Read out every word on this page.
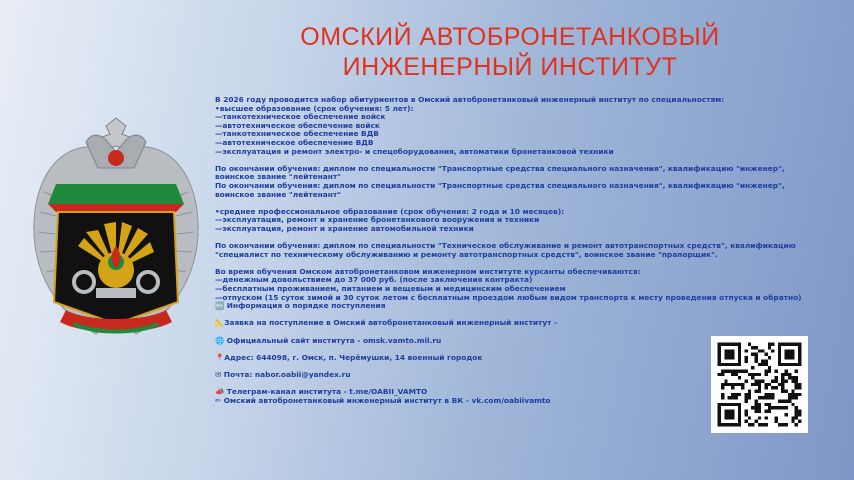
ОМСКИЙ АВТОБРОНЕТАНКОВЫЙ
ИНЖЕНЕРНЫЙ ИНСТИТУТ

В 2026 году проводится набор абитуриентов в Омский автобронетанковый инженерный институт по специальностям:
•высшее образование (срок обучения: 5 лет):
—танкотехническое обеспечение войск
—автотехническое обеспечение войск
—танкотехническое обеспечение ВДВ
—автотехническое обеспечение ВДВ
—эксплуатация и ремонт электро- и спецоборудования, автоматики бронетанковой техники

По окончании обучения: диплом по специальности "Транспортные средства специального назначения", квалификацию "инженер", воинское звание "лейтенант"
По окончании обучения: диплом по специальности "Транспортные средства специального назначения", квалификацию "инженер", воинское звание "лейтенант"

•среднее профессиональное образование (срок обучения: 2 года и 10 месяцев):
—эксплуатация, ремонт и хранение бронетанкового вооружения и техники
—эксплуатация, ремонт и хранение автомобильной техники

По окончании обучения: диплом по специальности "Техническое обслуживание и ремонт автотранспортных средств", квалификацию "специалист по техническому обслуживанию и ремонту автотранспортных средств", воинское звание "прапорщик".

Во время обучения Омском автобронетанковом инженерном институте курсанты обеспечиваются:
—денежным довольствием до 37 000 руб. (после заключения контракта)
—бесплатным проживанием, питанием и вещевым и медицинским обеспечением
—отпуском (15 суток зимой и 30 суток летом с бесплатным проездом любым видом транспорта к месту проведения отпуска и обратно)
🔤 Информация о порядке поступления

📐Заявка на поступление в Омский автобронетанковый инженерный институт -

🌐 Официальный сайт института - omsk.vamto.mil.ru

📍Адрес: 644098, г. Омск, п. Черёмушки, 14 военный городок

✉ Почта: nabor.oabii@yandex.ru

📣 Телеграм-канал института - t.me/OABII_VAMTO
✏ Омский автобронетанковый инженерный институт в ВК - vk.com/oabiivamto
